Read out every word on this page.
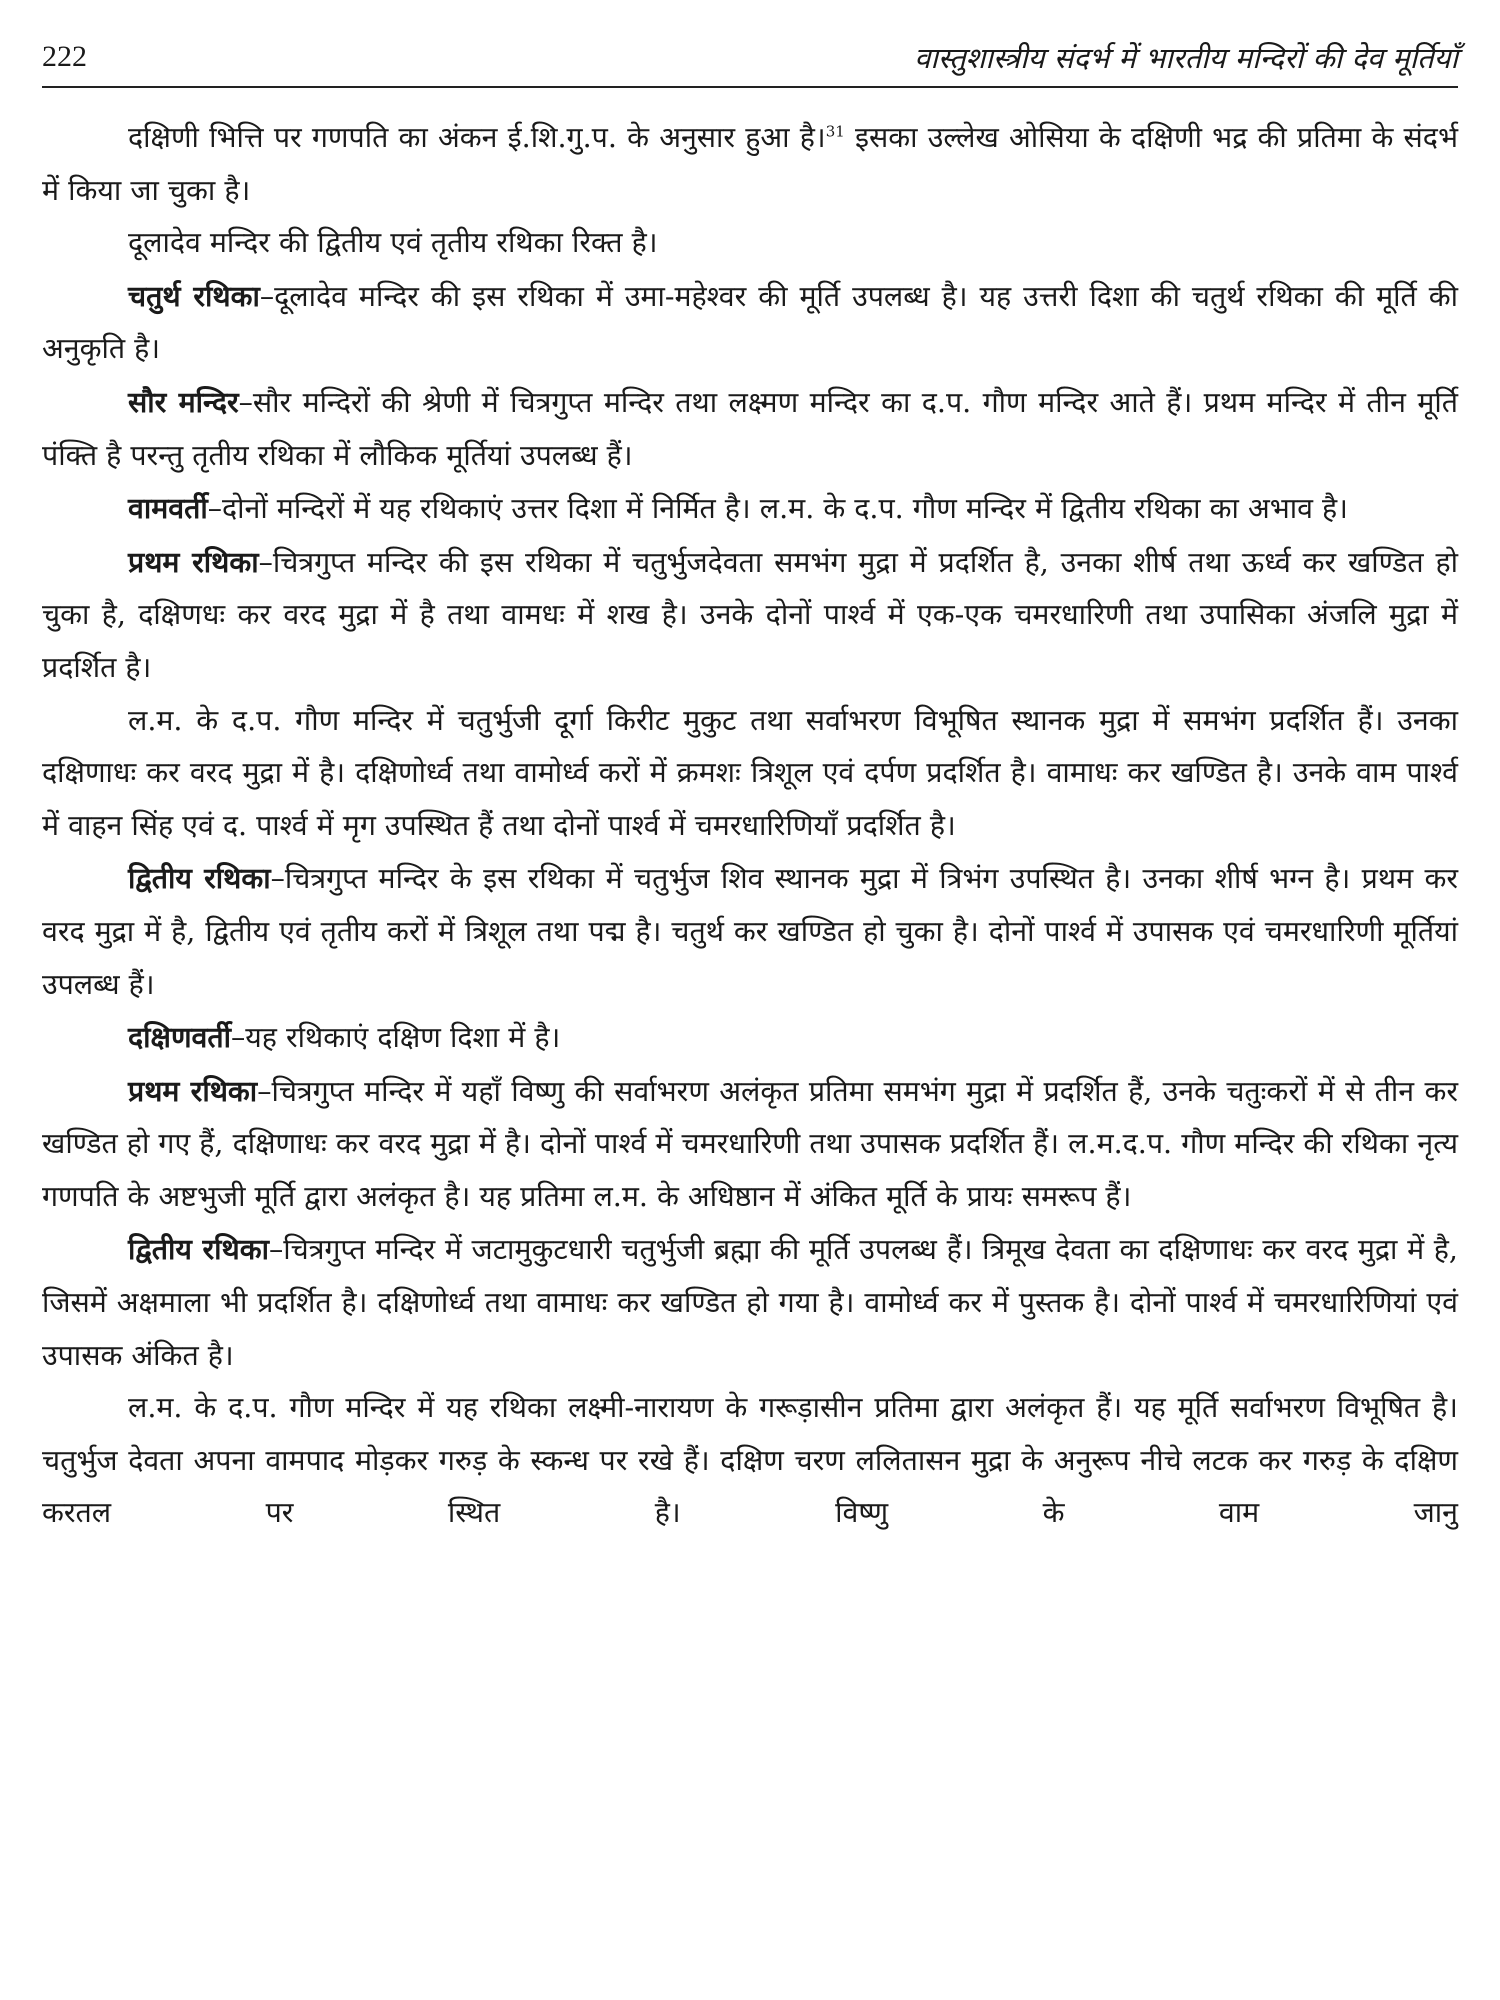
222	वास्तुशास्त्रीय संदर्भ में भारतीय मन्दिरों की देव मूर्तियाँ

दक्षिणी भित्ति पर गणपति का अंकन ई.शि.गु.प. के अनुसार हुआ है।$^{31}$ इसका उल्लेख ओसिया के दक्षिणी भद्र की प्रतिमा के संदर्भ में किया जा चुका है।

दूलादेव मन्दिर की द्वितीय एवं तृतीय रथिका रिक्त है।

चतुर्थ रथिका–दूलादेव मन्दिर की इस रथिका में उमा-महेश्वर की मूर्ति उपलब्ध है। यह उत्तरी दिशा की चतुर्थ रथिका की मूर्ति की अनुकृति है।

सौर मन्दिर–सौर मन्दिरों की श्रेणी में चित्रगुप्त मन्दिर तथा लक्ष्मण मन्दिर का द.प. गौण मन्दिर आते हैं। प्रथम मन्दिर में तीन मूर्ति पंक्ति है परन्तु तृतीय रथिका में लौकिक मूर्तियां उपलब्ध हैं।

वामवर्ती–दोनों मन्दिरों में यह रथिकाएं उत्तर दिशा में निर्मित है। ल.म. के द.प. गौण मन्दिर में द्वितीय रथिका का अभाव है।

प्रथम रथिका–चित्रगुप्त मन्दिर की इस रथिका में चतुर्भुजदेवता समभंग मुद्रा में प्रदर्शित है, उनका शीर्ष तथा ऊर्ध्व कर खण्डित हो चुका है, दक्षिणधः कर वरद मुद्रा में है तथा वामधः में शख है। उनके दोनों पार्श्व में एक-एक चमरधारिणी तथा उपासिका अंजलि मुद्रा में प्रदर्शित है।

ल.म. के द.प. गौण मन्दिर में चतुर्भुजी दूर्गा किरीट मुकुट तथा सर्वाभरण विभूषित स्थानक मुद्रा में समभंग प्रदर्शित हैं। उनका दक्षिणाधः कर वरद मुद्रा में है। दक्षिणोर्ध्व तथा वामोर्ध्व करों में क्रमशः त्रिशूल एवं दर्पण प्रदर्शित है। वामाधः कर खण्डित है। उनके वाम पार्श्व में वाहन सिंह एवं द. पार्श्व में मृग उपस्थित हैं तथा दोनों पार्श्व में चमरधारिणियाँ प्रदर्शित है।

द्वितीय रथिका–चित्रगुप्त मन्दिर के इस रथिका में चतुर्भुज शिव स्थानक मुद्रा में त्रिभंग उपस्थित है। उनका शीर्ष भग्न है। प्रथम कर वरद मुद्रा में है, द्वितीय एवं तृतीय करों में त्रिशूल तथा पद्म है। चतुर्थ कर खण्डित हो चुका है। दोनों पार्श्व में उपासक एवं चमरधारिणी मूर्तियां उपलब्ध हैं।

दक्षिणवर्ती–यह रथिकाएं दक्षिण दिशा में है।

प्रथम रथिका–चित्रगुप्त मन्दिर में यहाँ विष्णु की सर्वाभरण अलंकृत प्रतिमा समभंग मुद्रा में प्रदर्शित हैं, उनके चतुःकरों में से तीन कर खण्डित हो गए हैं, दक्षिणाधः कर वरद मुद्रा में है। दोनों पार्श्व में चमरधारिणी तथा उपासक प्रदर्शित हैं। ल.म.द.प. गौण मन्दिर की रथिका नृत्य गणपति के अष्टभुजी मूर्ति द्वारा अलंकृत है। यह प्रतिमा ल.म. के अधिष्ठान में अंकित मूर्ति के प्रायः समरूप हैं।

द्वितीय रथिका–चित्रगुप्त मन्दिर में जटामुकुटधारी चतुर्भुजी ब्रह्मा की मूर्ति उपलब्ध हैं। त्रिमूख देवता का दक्षिणाधः कर वरद मुद्रा में है, जिसमें अक्षमाला भी प्रदर्शित है। दक्षिणोर्ध्व तथा वामाधः कर खण्डित हो गया है। वामोर्ध्व कर में पुस्तक है। दोनों पार्श्व में चमरधारिणियां एवं उपासक अंकित है।

ल.म. के द.प. गौण मन्दिर में यह रथिका लक्ष्मी-नारायण के गरूड़ासीन प्रतिमा द्वारा अलंकृत हैं। यह मूर्ति सर्वाभरण विभूषित है। चतुर्भुज देवता अपना वामपाद मोड़कर गरुड़ के स्कन्ध पर रखे हैं। दक्षिण चरण ललितासन मुद्रा के अनुरूप नीचे लटक कर गरुड़ के दक्षिण करतल पर स्थित है। विष्णु के वाम जानु
